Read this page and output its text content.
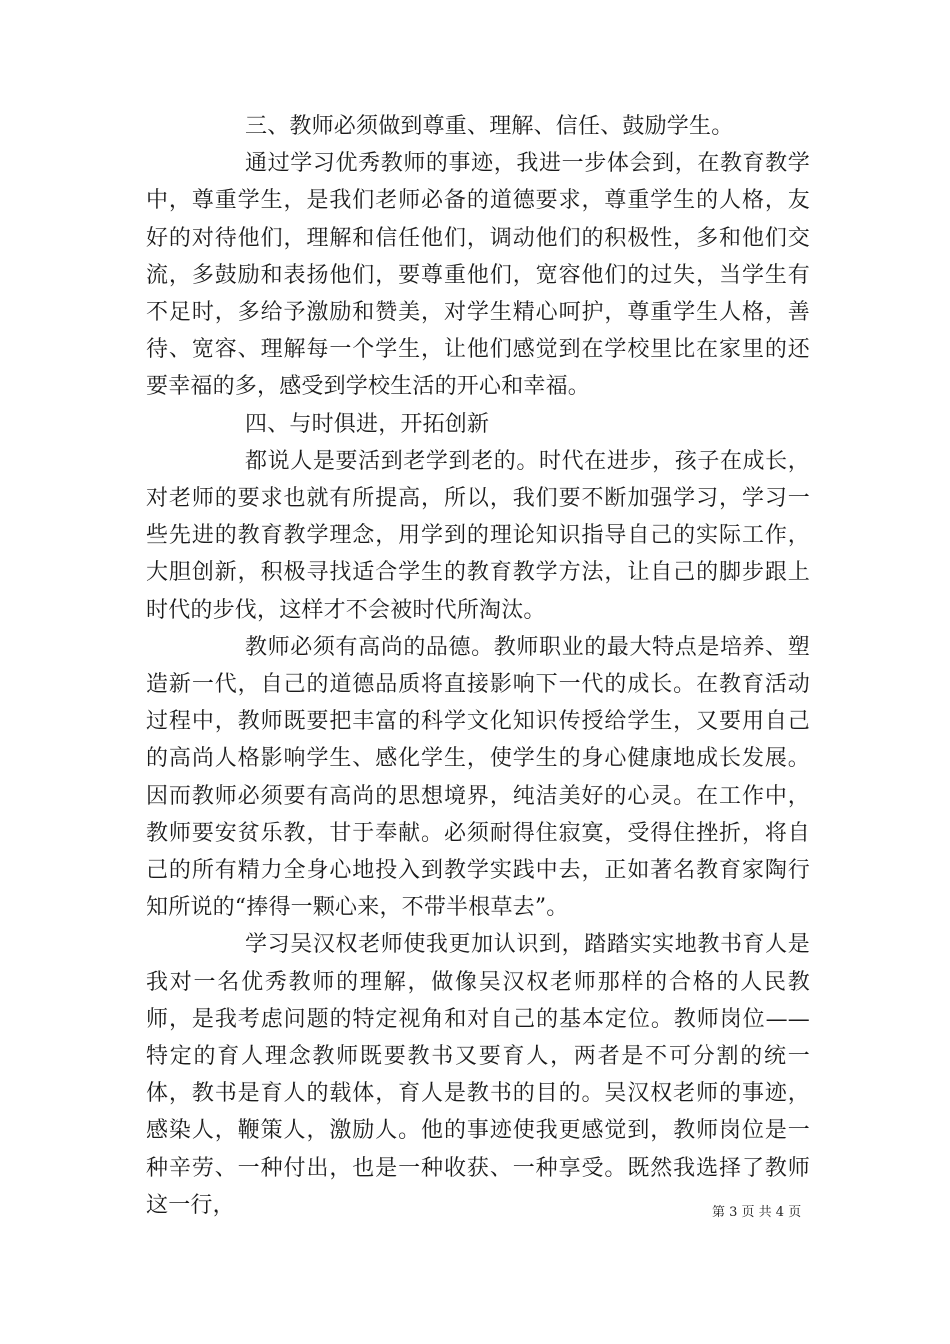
三、教师必须做到尊重、理解、信任、鼓励学生。

通过学习优秀教师的事迹，我进一步体会到，在教育教学中，尊重学生，是我们老师必备的道德要求，尊重学生的人格，友好的对待他们，理解和信任他们，调动他们的积极性，多和他们交流，多鼓励和表扬他们，要尊重他们，宽容他们的过失，当学生有不足时，多给予激励和赞美，对学生精心呵护，尊重学生人格，善待、宽容、理解每一个学生，让他们感觉到在学校里比在家里的还要幸福的多，感受到学校生活的开心和幸福。

四、与时俱进，开拓创新

都说人是要活到老学到老的。时代在进步，孩子在成长，对老师的要求也就有所提高，所以，我们要不断加强学习，学习一些先进的教育教学理念，用学到的理论知识指导自己的实际工作，大胆创新，积极寻找适合学生的教育教学方法，让自己的脚步跟上时代的步伐，这样才不会被时代所淘汰。

教师必须有高尚的品德。教师职业的最大特点是培养、塑造新一代，自己的道德品质将直接影响下一代的成长。在教育活动过程中，教师既要把丰富的科学文化知识传授给学生，又要用自己的高尚人格影响学生、感化学生，使学生的身心健康地成长发展。因而教师必须要有高尚的思想境界，纯洁美好的心灵。在工作中，教师要安贫乐教，甘于奉献。必须耐得住寂寞，受得住挫折，将自己的所有精力全身心地投入到教学实践中去，正如著名教育家陶行知所说的“捧得一颗心来，不带半根草去”。

学习吴汉权老师使我更加认识到，踏踏实实地教书育人是我对一名优秀教师的理解，做像吴汉权老师那样的合格的人民教师，是我考虑问题的特定视角和对自己的基本定位。教师岗位——特定的育人理念教师既要教书又要育人，两者是不可分割的统一体，教书是育人的载体，育人是教书的目的。吴汉权老师的事迹，感染人，鞭策人，激励人。他的事迹使我更感觉到，教师岗位是一种辛劳、一种付出，也是一种收获、一种享受。既然我选择了教师这一行，	第 3 页 共 4 页
